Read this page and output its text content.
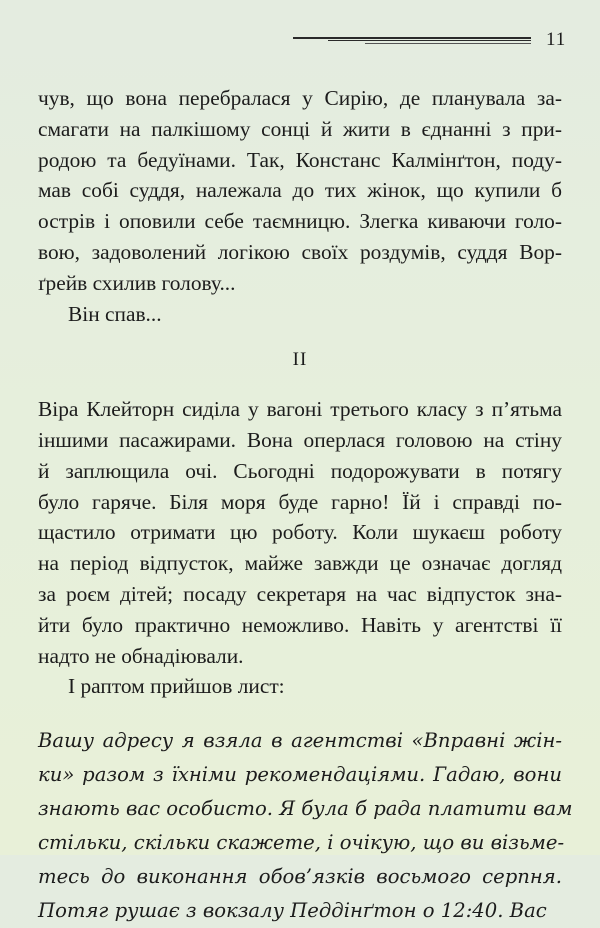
11

чув, що вона перебралася у Сирію, де планувала за-
смагати на палкішому сонці й жити в єднанні з при-
родою та бедуїнами. Так, Констанс Калмінґтон, поду-
мав собі суддя, належала до тих жінок, що купили б
острів і оповили себе таємницю. Злегка киваючи голо-
вою, задоволений логікою своїх роздумів, суддя Вор-
ґрейв схилив голову...

Він спав...

II

Віра Клейторн сиділа у вагоні третього класу з п’ятьма
іншими пасажирами. Вона оперлася головою на стіну
й заплющила очі. Сьогодні подорожувати в потягу
було гаряче. Біля моря буде гарно! Їй і справді по-
щастило отримати цю роботу. Коли шукаєш роботу
на період відпусток, майже завжди це означає догляд
за роєм дітей; посаду секретаря на час відпусток зна-
йти було практично неможливо. Навіть у агентстві її
надто не обнадіювали.

І раптом прийшов лист:

Вашу адресу я взяла в агентстві «Вправні жін-
ки» разом з їхніми рекомендаціями. Гадаю, вони
знають вас особисто. Я була б рада платити вам
стільки, скільки скажете, і очікую, що ви візьме-
тесь до виконання обов’язків восьмого серпня.
Потяг рушає з вокзалу Педдінґтон о 12:40. Вас
